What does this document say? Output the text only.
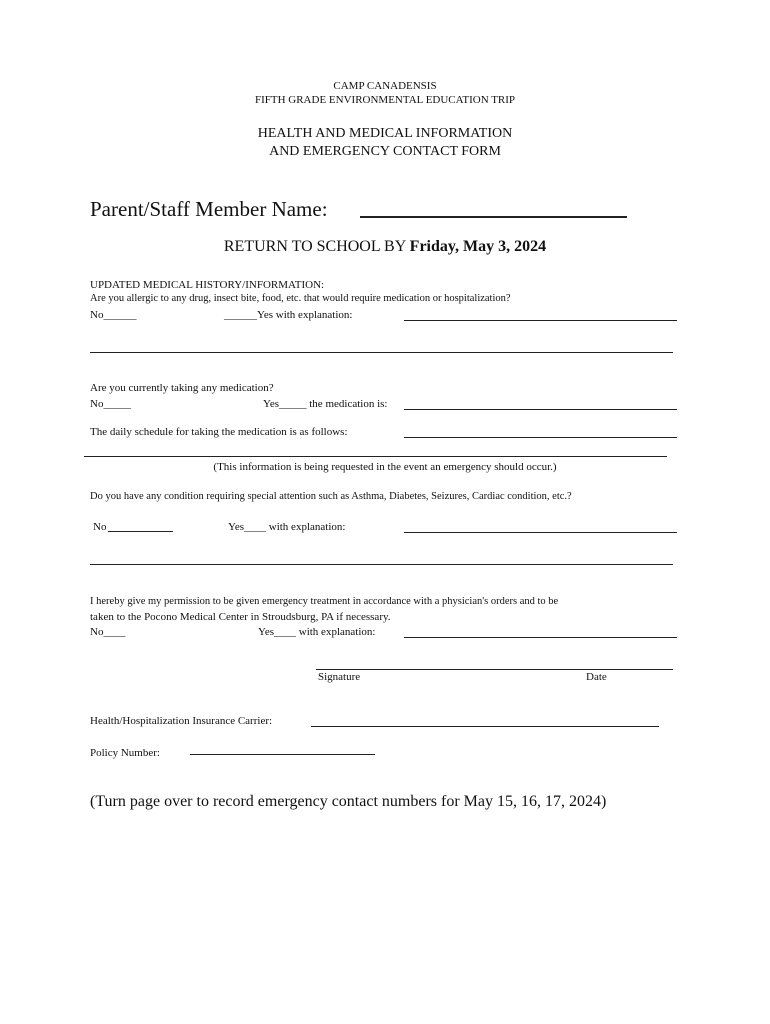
CAMP CANADENSIS
FIFTH GRADE ENVIRONMENTAL EDUCATION TRIP
HEALTH AND MEDICAL INFORMATION
AND EMERGENCY CONTACT FORM
Parent/Staff Member Name:
RETURN TO SCHOOL BY Friday, May 3, 2024
UPDATED MEDICAL HISTORY/INFORMATION:
Are you allergic to any drug, insect bite, food, etc. that would require medication or hospitalization?
No______	______Yes with explanation:
Are you currently taking any medication?
No_____	Yes_____ the medication is:
The daily schedule for taking the medication is as follows:
(This information is being requested in the event an emergency should occur.)
Do you have any condition requiring special attention such as Asthma, Diabetes, Seizures, Cardiac condition, etc.?
No	Yes____ with explanation:
I hereby give my permission to be given emergency treatment in accordance with a physician's orders and to be
taken to the Pocono Medical Center in Stroudsburg, PA if necessary.
No____	Yes____ with explanation:
Signature	Date
Health/Hospitalization Insurance Carrier:
Policy Number:
(Turn page over to record emergency contact numbers for May 15, 16, 17, 2024)
